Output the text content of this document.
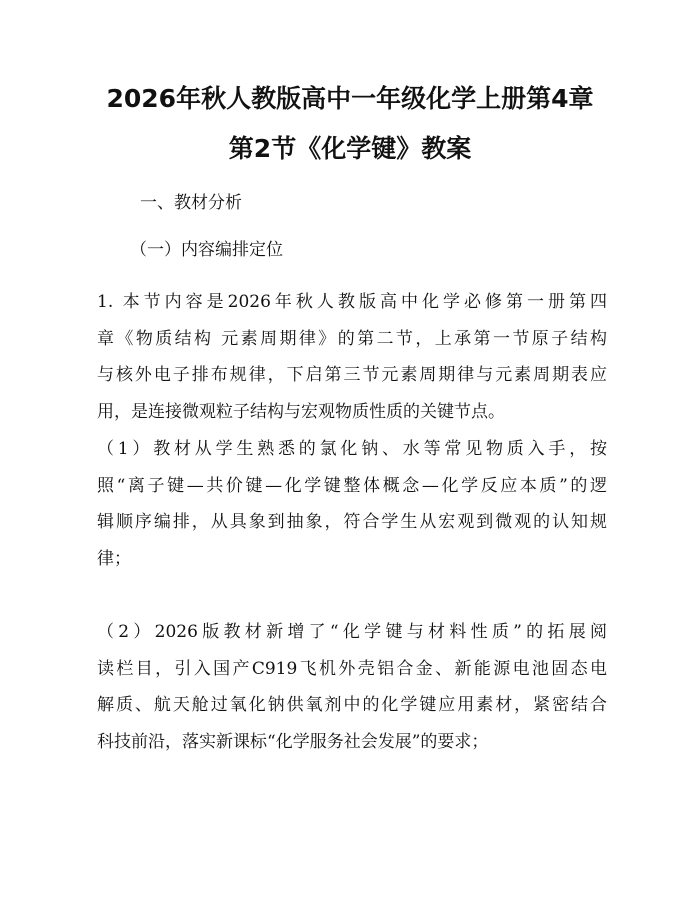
2026年秋人教版高中一年级化学上册第4章
第2节《化学键》教案
一、教材分析
（一）内容编排定位
1. 本节内容是2026年秋人教版高中化学必修第一册第四
章《物质结构 元素周期律》的第二节，上承第一节原子结构
与核外电子排布规律，下启第三节元素周期律与元素周期表应
用，是连接微观粒子结构与宏观物质性质的关键节点。
（1）教材从学生熟悉的氯化钠、水等常见物质入手，按
照“离子键—共价键—化学键整体概念—化学反应本质”的逻
辑顺序编排，从具象到抽象，符合学生从宏观到微观的认知规
律；
（2）2026版教材新增了“化学键与材料性质”的拓展阅
读栏目，引入国产C919飞机外壳铝合金、新能源电池固态电
解质、航天舱过氧化钠供氧剂中的化学键应用素材，紧密结合
科技前沿，落实新课标“化学服务社会发展”的要求；
